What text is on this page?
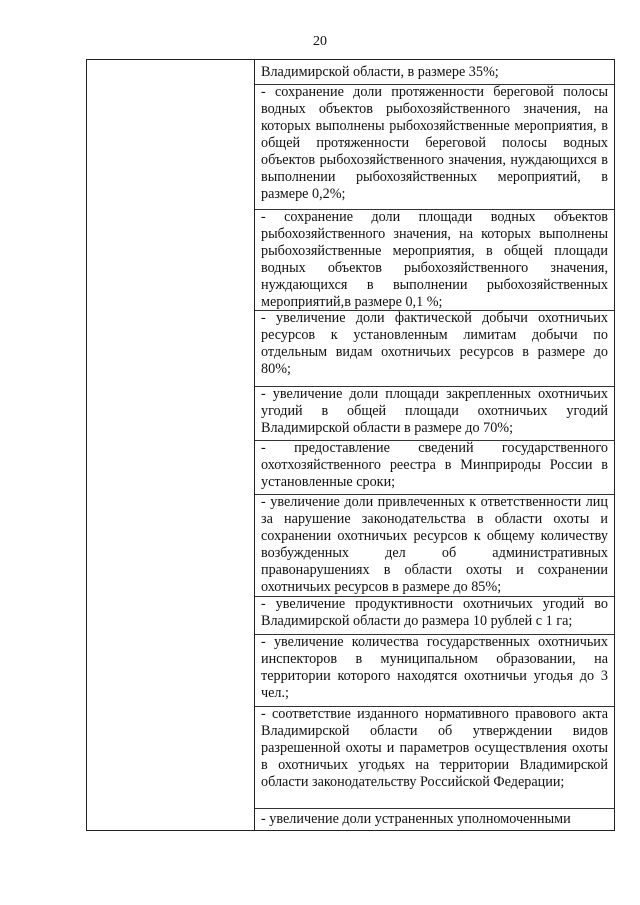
20
Владимирской области, в размере 35%;
- сохранение доли протяженности береговой полосы водных объектов рыбохозяйственного значения, на которых выполнены рыбохозяйственные мероприятия, в общей протяженности береговой полосы водных объектов рыбохозяйственного значения, нуждающихся в выполнении рыбохозяйственных мероприятий, в размере 0,2%;
- сохранение доли площади водных объектов рыбохозяйственного значения, на которых выполнены рыбохозяйственные мероприятия, в общей площади водных объектов рыбохозяйственного значения, нуждающихся в выполнении рыбохозяйственных мероприятий,в размере 0,1 %;
- увеличение доли фактической добычи охотничьих ресурсов к установленным лимитам добычи по отдельным видам охотничьих ресурсов в размере до 80%;
- увеличение доли площади закрепленных охотничьих угодий в общей площади охотничьих угодий Владимирской области в размере до 70%;
- предоставление сведений государственного охотхозяйственного реестра в Минприроды России в установленные сроки;
- увеличение доли привлеченных к ответственности лиц за нарушение законодательства в области охоты и сохранении охотничьих ресурсов к общему количеству возбужденных дел об административных правонарушениях в области охоты и сохранении охотничьих ресурсов в размере до 85%;
- увеличение продуктивности охотничьих угодий во Владимирской области до размера 10 рублей с 1 га;
- увеличение количества государственных охотничьих инспекторов в муниципальном образовании, на территории которого находятся охотничьи угодья до 3 чел.;
- соответствие изданного нормативного правового акта Владимирской области об утверждении видов разрешенной охоты и параметров осуществления охоты в охотничьих угодьях на территории Владимирской области законодательству Российской Федерации;
- увеличение доли устраненных уполномоченными
